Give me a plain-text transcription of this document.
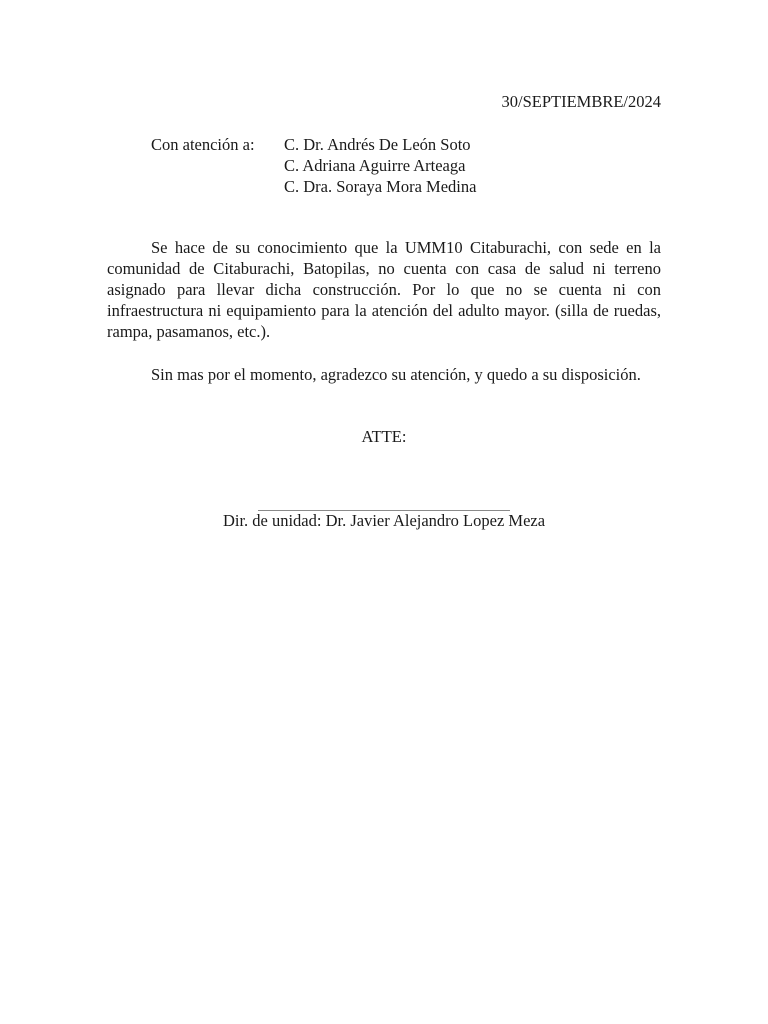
30/SEPTIEMBRE/2024
Con atención a: C. Dr. Andrés De León Soto
C. Adriana Aguirre Arteaga
C. Dra. Soraya Mora Medina

Se hace de su conocimiento que la UMM10 Citaburachi, con sede en la comunidad de Citaburachi, Batopilas, no cuenta con casa de salud ni terreno asignado para llevar dicha construcción. Por lo que no se cuenta ni con infraestructura ni equipamiento para la atención del adulto mayor. (silla de ruedas, rampa, pasamanos, etc.).

Sin mas por el momento, agradezco su atención, y quedo a su disposición.

ATTE:
Dir. de unidad: Dr. Javier Alejandro Lopez Meza
